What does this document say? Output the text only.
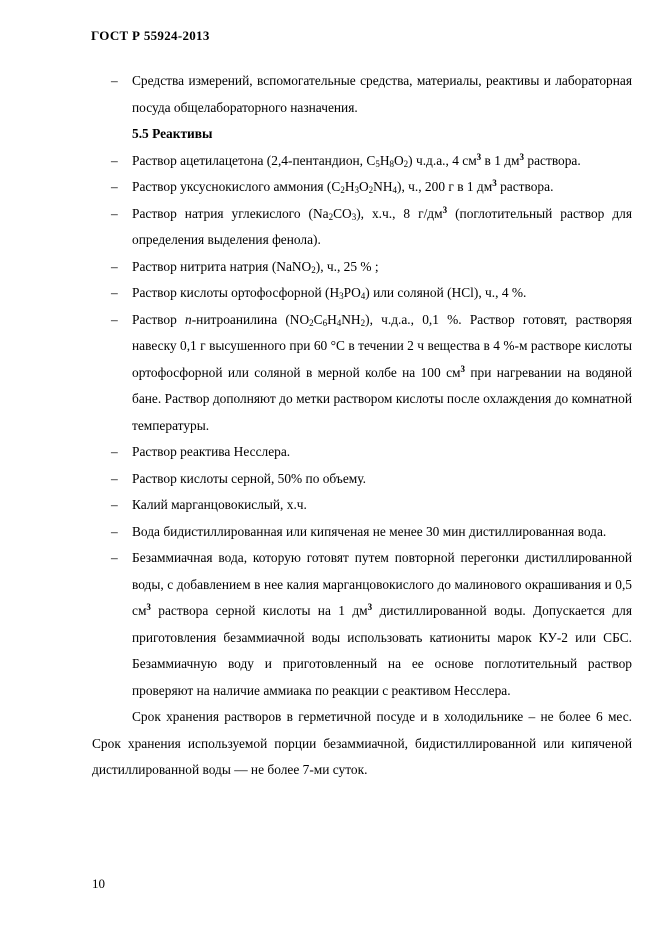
ГОСТ Р 55924-2013
– Средства измерений, вспомогательные средства, материалы, реактивы и лабораторная посуда общелабораторного назначения.
5.5 Реактивы
– Раствор ацетилацетона (2,4-пентандион, $C_5H_8O_2$) ч.д.а., 4 $см^3$ в 1 $дм^3$ раствора.
– Раствор уксуснокислого аммония $(C_2H_3O_2NH_4)$, ч., 200 г в 1 $дм^3$ раствора.
– Раствор натрия углекислого $(Na_2CO_3)$, х.ч., 8 $г/дм^3$ (поглотительный раствор для определения выделения фенола).
– Раствор нитрита натрия (NaNO$_2$), ч., 25 % ;
– Раствор кислоты ортофосфорной $(H_3PO_4)$ или соляной (HCl), ч., 4 %.
– Раствор n-нитроанилина $(NO_2C_6H_4NH_2)$, ч.д.а., 0,1 %. Раствор готовят, растворяя навеску 0,1 г высушенного при 60 °С в течении 2 ч вещества в 4 %-м растворе кислоты ортофосфорной или соляной в мерной колбе на 100 $см^3$ при нагревании на водяной бане. Раствор дополняют до метки раствором кислоты после охлаждения до комнатной температуры.
– Раствор реактива Несслера.
– Раствор кислоты серной, 50% по объему.
– Калий марганцовокислый, х.ч.
– Вода бидистиллированная или кипяченая не менее 30 мин дистиллированная вода.
– Безаммиачная вода, которую готовят путем повторной перегонки дистиллированной воды, с добавлением в нее калия марганцовокислого до малинового окрашивания и 0,5 $см^3$ раствора серной кислоты на 1 $дм^3$ дистиллированной воды. Допускается для приготовления безаммиачной воды использовать катиониты марок КУ-2 или СБС. Безаммиачную воду и приготовленный на ее основе поглотительный раствор проверяют на наличие аммиака по реакции с реактивом Несслера.
Срок хранения растворов в герметичной посуде и в холодильнике – не более 6 мес. Срок хранения используемой порции безаммиачной, бидистиллированной или кипяченой дистиллированной воды — не более 7-ми суток.
10
